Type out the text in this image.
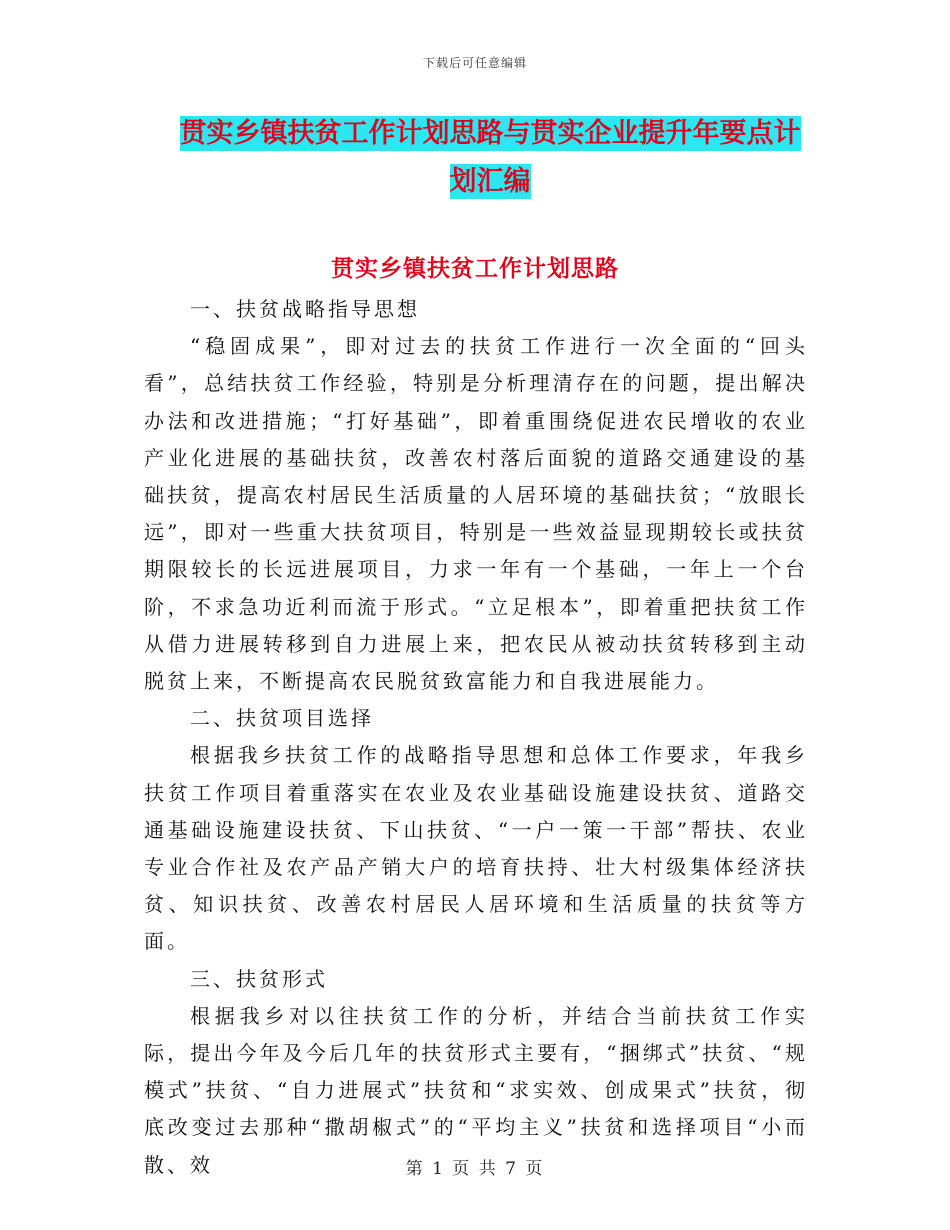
下载后可任意编辑
贯实乡镇扶贫工作计划思路与贯实企业提升年要点计
划汇编
贯实乡镇扶贫工作计划思路

一、扶贫战略指导思想

“稳固成果”，即对过去的扶贫工作进行一次全面的“回头看”，总结扶贫工作经验，特别是分析理清存在的问题，提出解决办法和改进措施；“打好基础”，即着重围绕促进农民增收的农业产业化进展的基础扶贫，改善农村落后面貌的道路交通建设的基础扶贫，提高农村居民生活质量的人居环境的基础扶贫；“放眼长远”，即对一些重大扶贫项目，特别是一些效益显现期较长或扶贫期限较长的长远进展项目，力求一年有一个基础，一年上一个台阶，不求急功近利而流于形式。“立足根本”，即着重把扶贫工作从借力进展转移到自力进展上来，把农民从被动扶贫转移到主动脱贫上来，不断提高农民脱贫致富能力和自我进展能力。

二、扶贫项目选择

根据我乡扶贫工作的战略指导思想和总体工作要求，年我乡扶贫工作项目着重落实在农业及农业基础设施建设扶贫、道路交通基础设施建设扶贫、下山扶贫、“一户一策一干部”帮扶、农业专业合作社及农产品产销大户的培育扶持、壮大村级集体经济扶贫、知识扶贫、改善农村居民人居环境和生活质量的扶贫等方面。

三、扶贫形式

根据我乡对以往扶贫工作的分析，并结合当前扶贫工作实际，提出今年及今后几年的扶贫形式主要有，“捆绑式”扶贫、“规模式”扶贫、“自力进展式”扶贫和“求实效、创成果式”扶贫，彻底改变过去那种“撒胡椒式”的“平均主义”扶贫和选择项目“小而散、效	第 1 页 共 7 页
